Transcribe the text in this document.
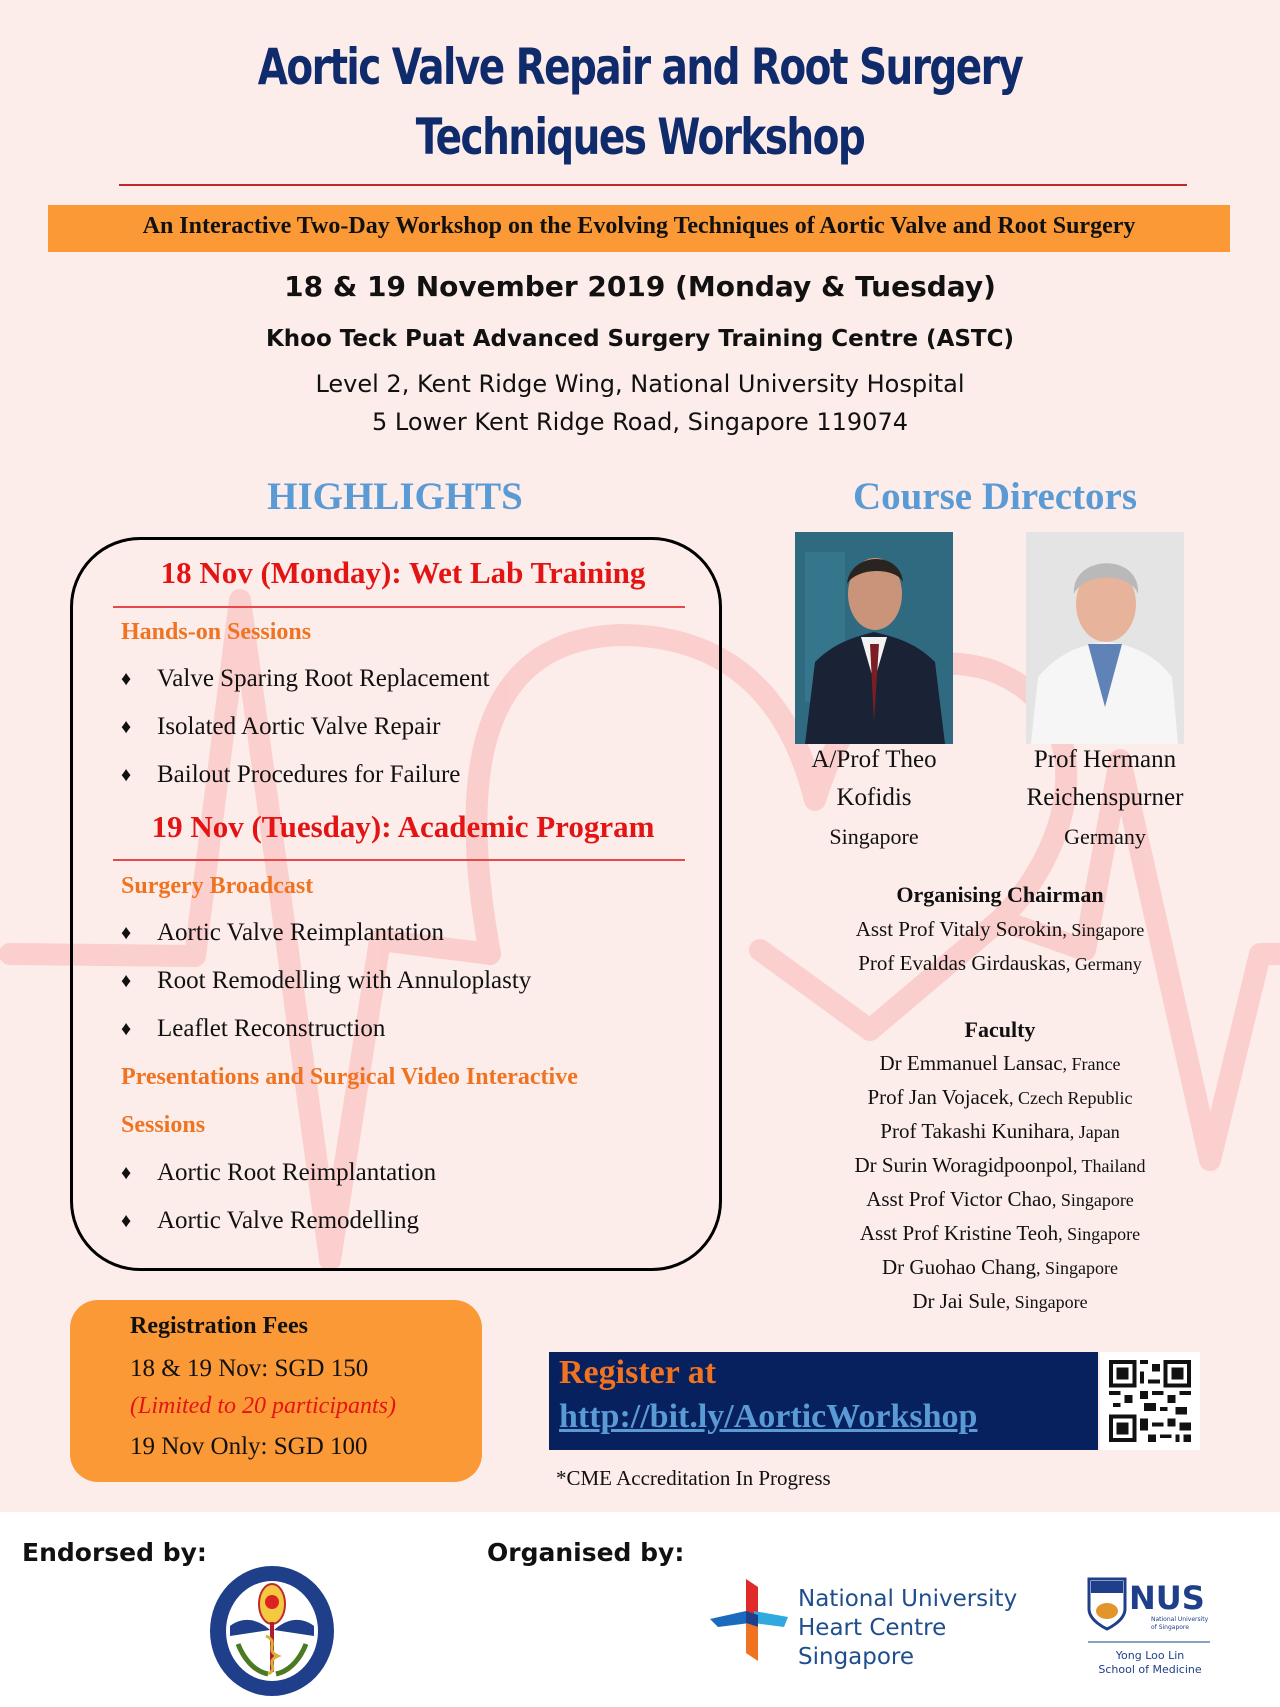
Aortic Valve Repair and Root Surgery
Techniques Workshop
An Interactive Two-Day Workshop on the Evolving Techniques of Aortic Valve and Root Surgery
18 & 19 November 2019 (Monday & Tuesday)
Khoo Teck Puat Advanced Surgery Training Centre (ASTC)
Level 2, Kent Ridge Wing, National University Hospital
5 Lower Kent Ridge Road, Singapore 119074
HIGHLIGHTS	Course Directors
18 Nov (Monday): Wet Lab Training
Hands-on Sessions
♦	Valve Sparing Root Replacement
♦	Isolated Aortic Valve Repair
♦	Bailout Procedures for Failure
19 Nov (Tuesday): Academic Program
Surgery Broadcast
♦	Aortic Valve Reimplantation
♦	Root Remodelling with Annuloplasty
♦	Leaflet Reconstruction
Presentations and Surgical Video Interactive
Sessions
♦	Aortic Root Reimplantation
♦	Aortic Valve Remodelling
A/Prof Theo
Kofidis
Singapore
Prof Hermann
Reichenspurner
Germany
Organising Chairman
Asst Prof Vitaly Sorokin, Singapore
Prof Evaldas Girdauskas, Germany
Faculty
Dr Emmanuel Lansac, France
Prof Jan Vojacek, Czech Republic
Prof Takashi Kunihara, Japan
Dr Surin Woragidpoonpol, Thailand
Asst Prof Victor Chao, Singapore
Asst Prof Kristine Teoh, Singapore
Dr Guohao Chang, Singapore
Dr Jai Sule, Singapore
Registration Fees
18 & 19 Nov: SGD 150
(Limited to 20 participants)
19 Nov Only: SGD 100
Register at
http://bit.ly/AorticWorkshop
*CME Accreditation In Progress
Endorsed by:	Organised by:
National University
Heart Centre
Singapore
NUS
National University
of Singapore
Yong Loo Lin
School of Medicine
